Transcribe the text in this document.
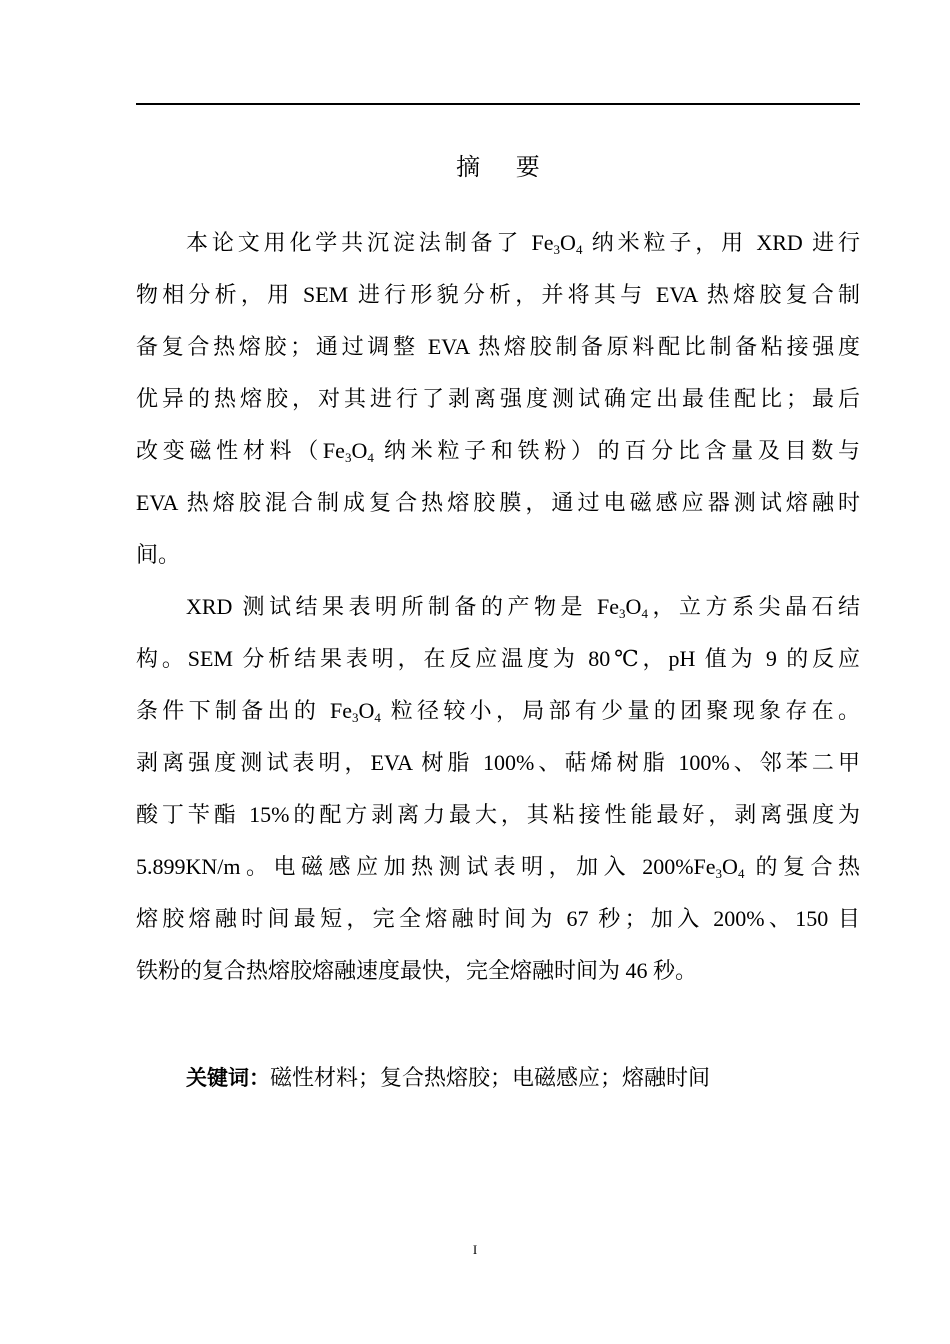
摘 要
本论文用化学共沉淀法制备了 $Fe_3O_4$ 纳米粒子，用 XRD 进行
物相分析，用 SEM 进行形貌分析，并将其与 EVA 热熔胶复合制
备复合热熔胶；通过调整 EVA 热熔胶制备原料配比制备粘接强度
优异的热熔胶，对其进行了剥离强度测试确定出最佳配比；最后
改变磁性材料（$Fe_3O_4$ 纳米粒子和铁粉）的百分比含量及目数与
EVA 热熔胶混合制成复合热熔胶膜，通过电磁感应器测试熔融时
间。
XRD 测试结果表明所制备的产物是 $Fe_3O_4$，立方系尖晶石结
构。SEM 分析结果表明，在反应温度为 80℃，pH 值为 9 的反应
条件下制备出的 $Fe_3O_4$ 粒径较小，局部有少量的团聚现象存在。
剥离强度测试表明，EVA 树脂 100%、萜烯树脂 100%、邻苯二甲
酸丁苄酯 15%的配方剥离力最大，其粘接性能最好，剥离强度为
5.899KN/m。电磁感应加热测试表明，加入 $200\%Fe_3O_4$ 的复合热
熔胶熔融时间最短，完全熔融时间为 67 秒；加入 200%、150 目
铁粉的复合热熔胶熔融速度最快，完全熔融时间为 46 秒。
关键词：磁性材料；复合热熔胶；电磁感应；熔融时间
I
